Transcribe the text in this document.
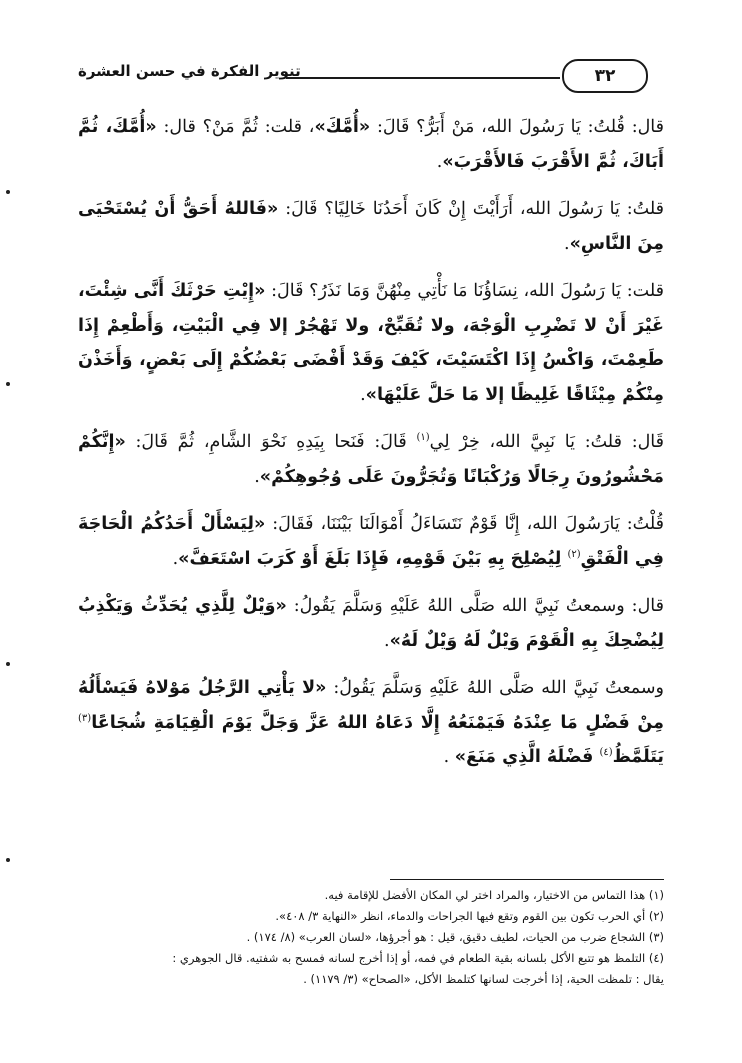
تنوير الفكرة في حسن العشرة	٣٢

قال: قُلتُ: يَا رَسُولَ الله، مَنْ أَبَرُّ؟ قَالَ: «أُمَّكَ»، قلت: ثُمَّ مَنْ؟ قال: «أُمَّكَ، ثُمَّ أَبَاكَ، ثُمَّ الأَقْرَبَ فَالأَقْرَبَ».

قلتُ: يَا رَسُولَ الله، أَرَأَيْتَ إِنْ كَانَ أَحَدُنَا خَالِيًا؟ قَالَ: «فَاللهُ أَحَقُّ أَنْ يُسْتَحْيَى مِنَ النَّاسِ».

قلت: يَا رَسُولَ الله، نِسَاؤُنَا مَا نَأْتِي مِنْهُنَّ وَمَا نَذَرُ؟ قَالَ: «إِيْتِ حَرْثَكَ أَنَّى شِئْتَ، غَيْرَ أَنْ لا تَضْرِبِ الْوَجْهَ، ولا تُقَبِّحْ، ولا تَهْجُرْ إلا فِي الْبَيْتِ، وَأَطْعِمْ إِذَا طَعِمْتَ، وَاكْسُ إِذَا اكْتَسَيْتَ، كَيْفَ وَقَدْ أَفْضَى بَعْضُكُمْ إِلَى بَعْضٍ، وَأَخَذْنَ مِنْكُمْ مِيْثَاقًا غَلِيظًا إلا مَا حَلَّ عَلَيْهَا».

قَال: قلتُ: يَا نَبِيَّ الله، خِرْ لِي$^{(١)}$ قَالَ: فَنَحا بِيَدِهِ نَحْوَ الشَّامِ، ثُمَّ قَالَ: «إِنَّكُمْ مَحْشُورُونَ رِجَالًا وَرُكْبَانًا وَتُجَرُّونَ عَلَى وُجُوهِكُمْ».

قُلْتُ: يَارَسُولَ الله، إِنَّا قَوْمٌ نَتَسَاءَلُ أَمْوَالَنَا بَيْنَنَا، فَقَالَ: «لِيَسْأَلْ أَحَدُكُمُ الْحَاجَةَ فِي الْفَتْقِ$^{(٢)}$ لِيُصْلِحَ بِهِ بَيْنَ قَوْمِهِ، فَإِذَا بَلَغَ أَوْ كَرَبَ اسْتَعَفَّ».

قال: وسمعتُ نَبِيَّ الله صَلَّى اللهُ عَلَيْهِ وَسَلَّمَ يَقُولُ: «وَيْلٌ لِلَّذِي يُحَدِّثُ وَيَكْذِبُ لِيُضْحِكَ بِهِ الْقَوْمَ وَيْلٌ لَهُ وَيْلٌ لَهُ».

وسمعتُ نَبِيَّ الله صَلَّى اللهُ عَلَيْهِ وَسَلَّمَ يَقُولُ: «لا يَأْتِي الرَّجُلُ مَوْلاهُ فَيَسْأَلُهُ مِنْ فَضْلٍ مَا عِنْدَهُ فَيَمْنَعُهُ إِلَّا دَعَاهُ اللهُ عَزَّ وَجَلَّ يَوْمَ الْقِيَامَةِ شُجَاعًا$^{(٣)}$ يَتَلَمَّظُ$^{(٤)}$ فَضْلَهُ الَّذِي مَنَعَ» .

(١) هذا التماس من الاختيار، والمراد اختر لي المكان الأفضل للإقامة فيه.

(٢) أي الحرب تكون بين القوم وتقع فيها الجراحات والدماء، انظر «النهاية ٣/ ٤٠٨».

(٣) الشجاع ضرب من الحيات، لطيف دقيق، قيل : هو أجرؤها، «لسان العرب» (٨/ ١٧٤) .

(٤) التلمظ هو تتبع الأكل بلسانه بقية الطعام في فمه، أو إذا أخرج لسانه فمسح به شفتيه. قال الجوهري :

يقال : تلمظت الحية، إذا أخرجت لسانها كتلمظ الأكل، «الصحاح» (٣/ ١١٧٩) .
